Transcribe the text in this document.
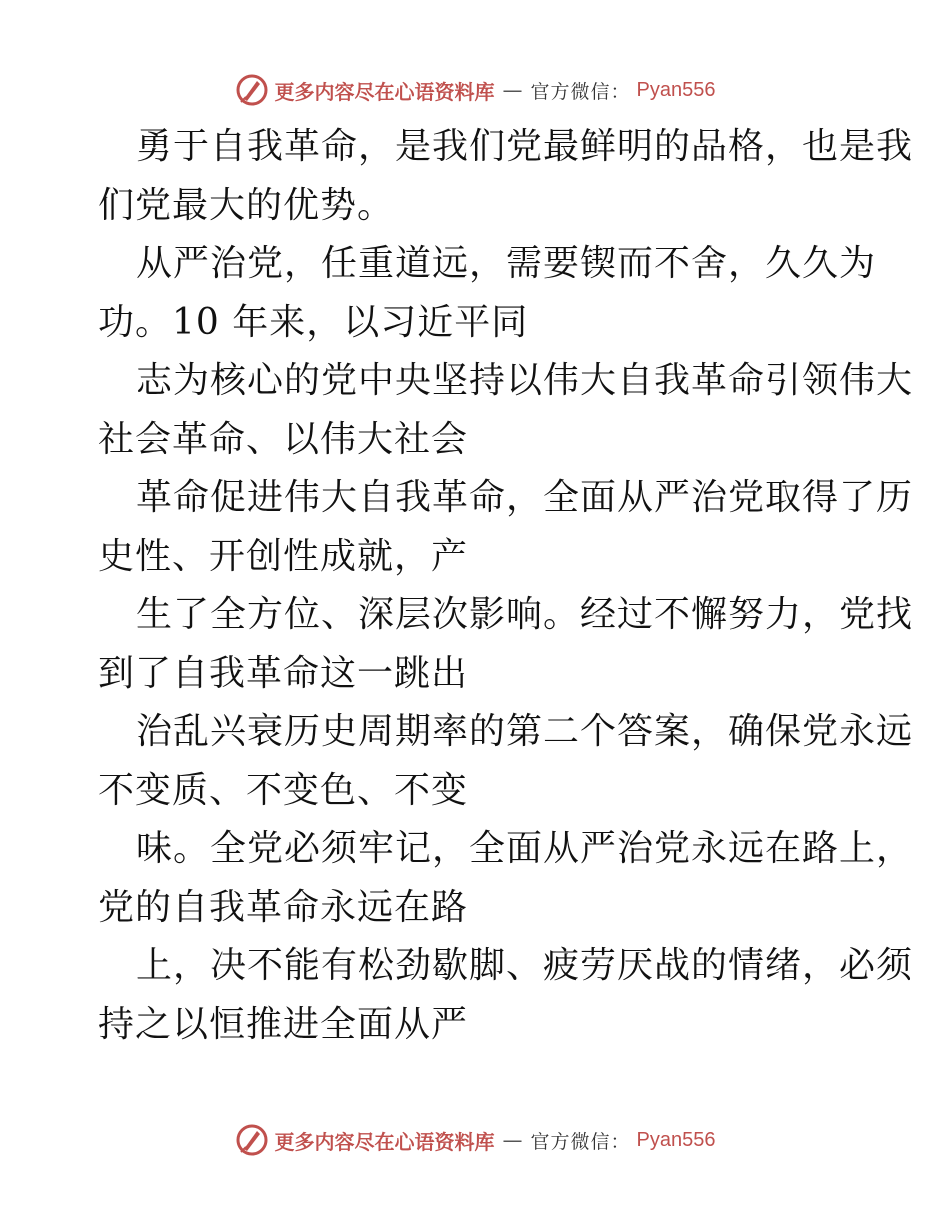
更多内容尽在心语资料库 — 官方微信： Pyan556
勇于自我革命，是我们党最鲜明的品格，也是我
们党最大的优势。
从严治党，任重道远，需要锲而不舍，久久为
功。10 年来，以习近平同
志为核心的党中央坚持以伟大自我革命引领伟大
社会革命、以伟大社会
革命促进伟大自我革命，全面从严治党取得了历
史性、开创性成就，产
生了全方位、深层次影响。经过不懈努力，党找
到了自我革命这一跳出
治乱兴衰历史周期率的第二个答案，确保党永远
不变质、不变色、不变
味。全党必须牢记，全面从严治党永远在路上，
党的自我革命永远在路
上，决不能有松劲歇脚、疲劳厌战的情绪，必须
持之以恒推进全面从严
更多内容尽在心语资料库 — 官方微信： Pyan556
